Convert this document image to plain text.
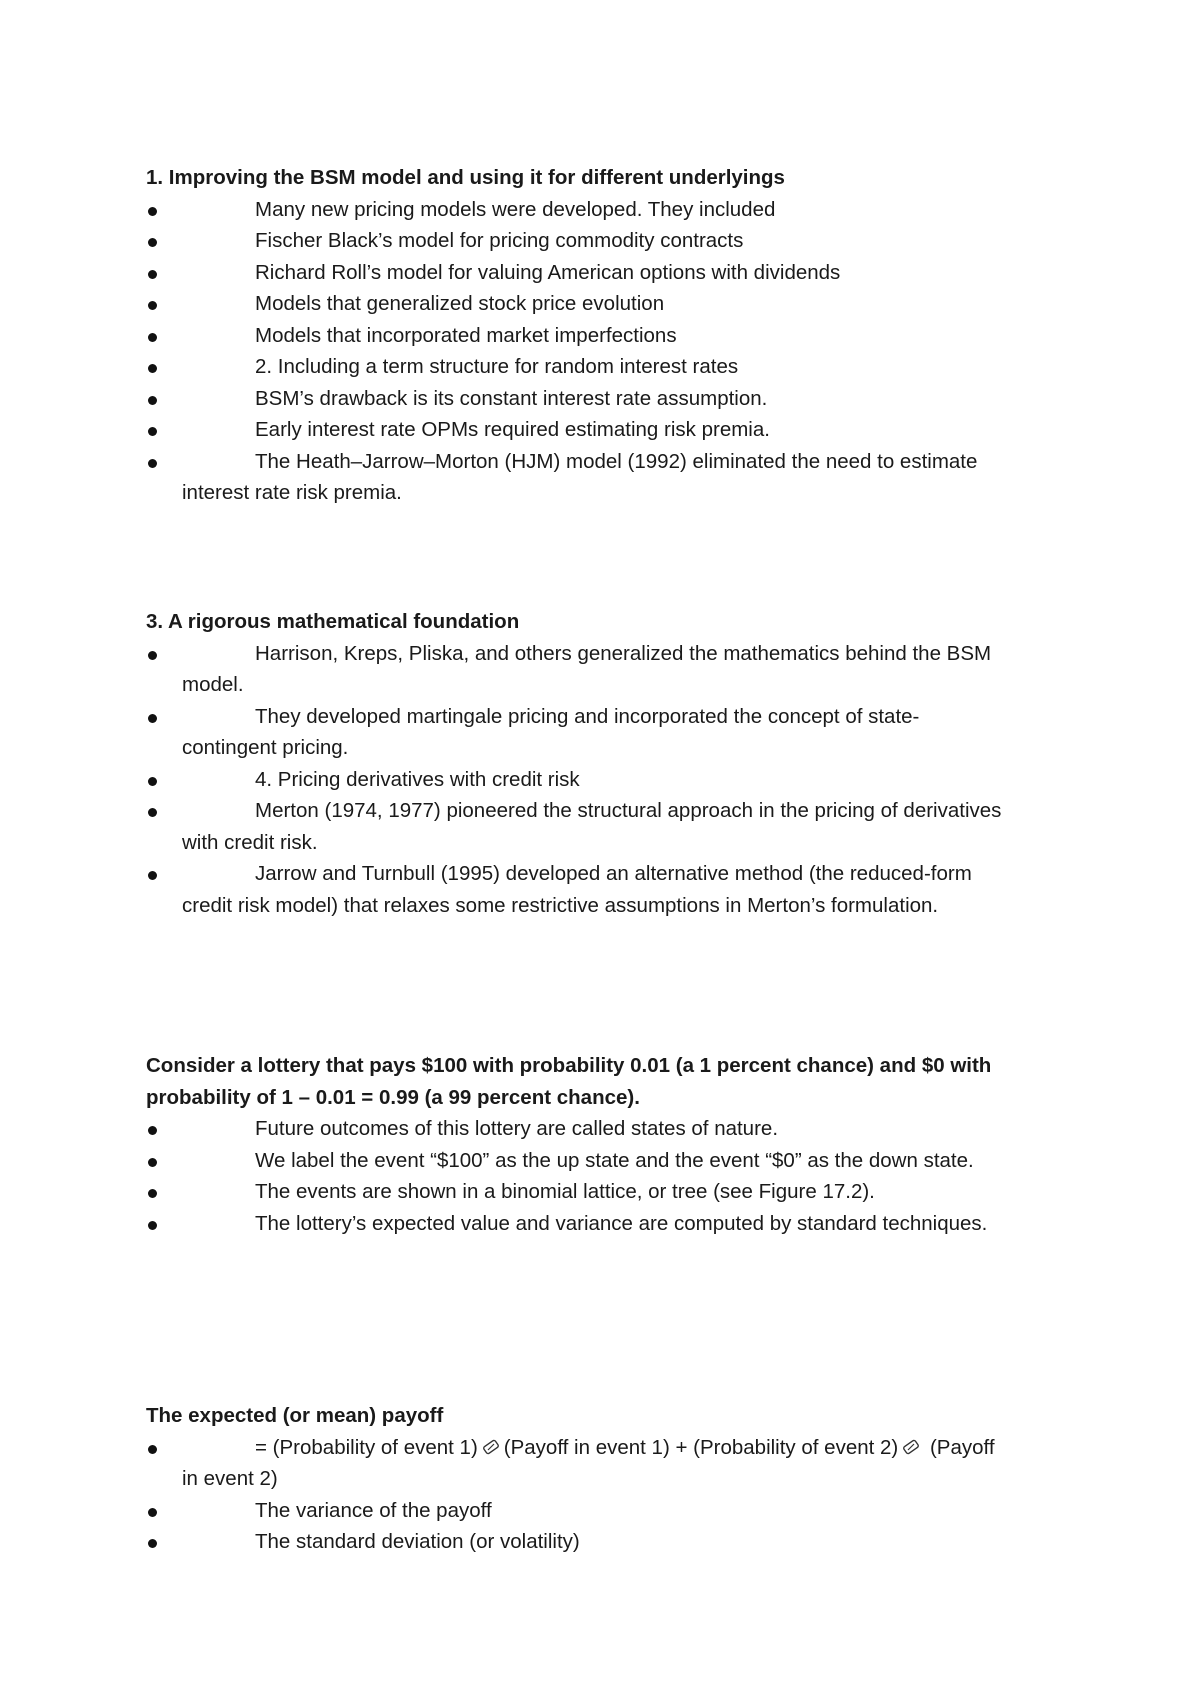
1. Improving the BSM model and using it for different underlyings

Many new pricing models were developed. They included
Fischer Black’s model for pricing commodity contracts
Richard Roll’s model for valuing American options with dividends
Models that generalized stock price evolution
Models that incorporated market imperfections
2. Including a term structure for random interest rates
BSM’s drawback is its constant interest rate assumption.
Early interest rate OPMs required estimating risk premia.
The Heath–Jarrow–Morton (HJM) model (1992) eliminated the need to estimate interest rate risk premia.

3. A rigorous mathematical foundation

Harrison, Kreps, Pliska, and others generalized the mathematics behind the BSM model.
They developed martingale pricing and incorporated the concept of state-contingent pricing.
4. Pricing derivatives with credit risk
Merton (1974, 1977) pioneered the structural approach in the pricing of derivatives with credit risk.
Jarrow and Turnbull (1995) developed an alternative method (the reduced-form credit risk model) that relaxes some restrictive assumptions in Merton’s formulation.

Consider a lottery that pays $100 with probability 0.01 (a 1 percent chance) and $0 with probability of 1 – 0.01 = 0.99 (a 99 percent chance).

Future outcomes of this lottery are called states of nature.
We label the event “$100” as the up state and the event “$0” as the down state.
The events are shown in a binomial lattice, or tree (see Figure 17.2).
The lottery’s expected value and variance are computed by standard techniques.

The expected (or mean) payoff

= (Probability of event 1) (Payoff in event 1) + (Probability of event 2) (Payoff in event 2)
The variance of the payoff
The standard deviation (or volatility)
